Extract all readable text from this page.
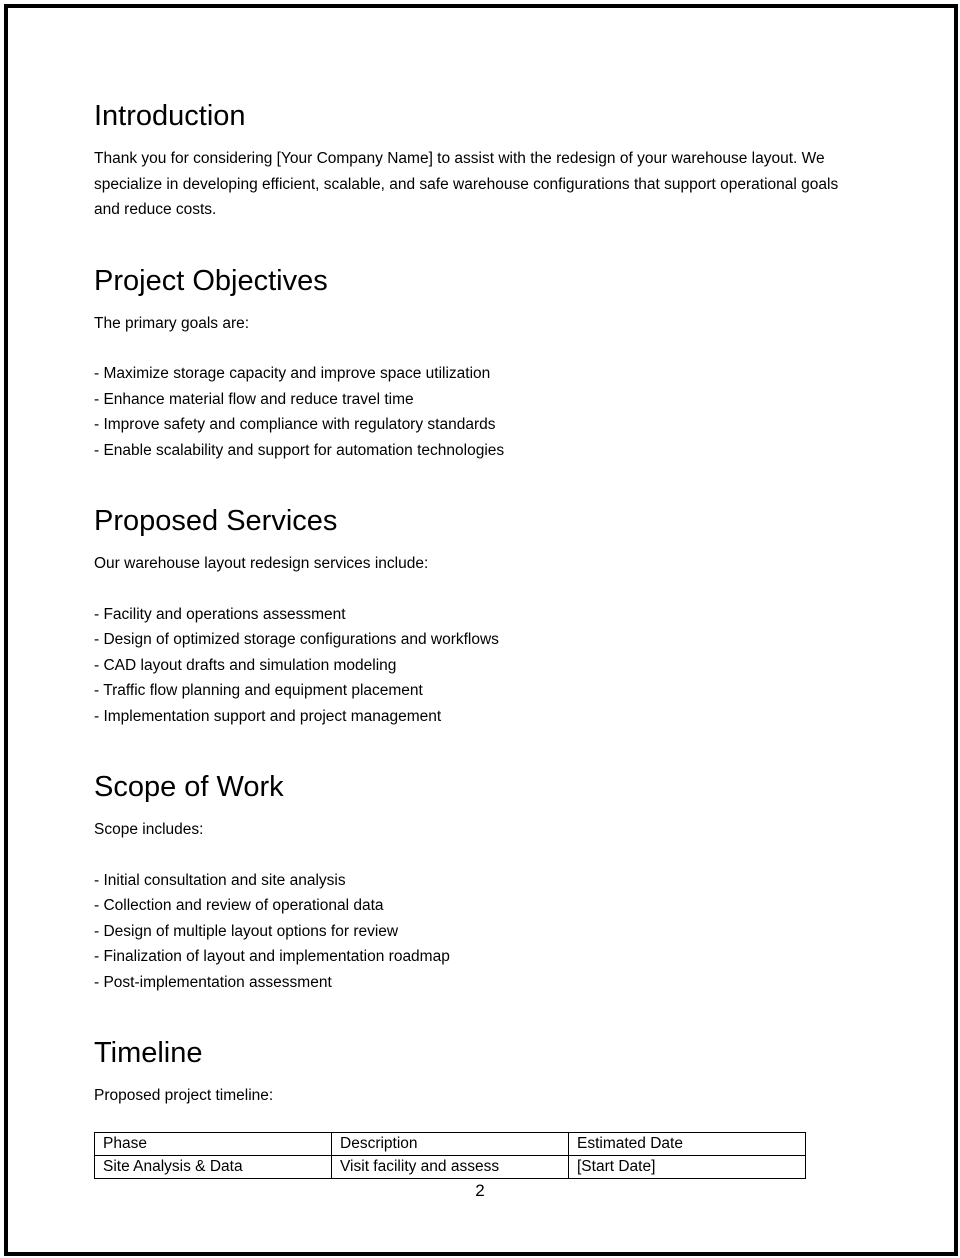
Introduction

Thank you for considering [Your Company Name] to assist with the redesign of your warehouse layout. We specialize in developing efficient, scalable, and safe warehouse configurations that support operational goals and reduce costs.

Project Objectives

The primary goals are:

- Maximize storage capacity and improve space utilization
- Enhance material flow and reduce travel time
- Improve safety and compliance with regulatory standards
- Enable scalability and support for automation technologies
Proposed Services

Our warehouse layout redesign services include:

- Facility and operations assessment
- Design of optimized storage configurations and workflows
- CAD layout drafts and simulation modeling
- Traffic flow planning and equipment placement
- Implementation support and project management
Scope of Work

Scope includes:

- Initial consultation and site analysis
- Collection and review of operational data
- Design of multiple layout options for review
- Finalization of layout and implementation roadmap
- Post-implementation assessment
Timeline

Proposed project timeline:

Phase	Description	Estimated Date
Site Analysis & Data	Visit facility and assess	[Start Date]
2
